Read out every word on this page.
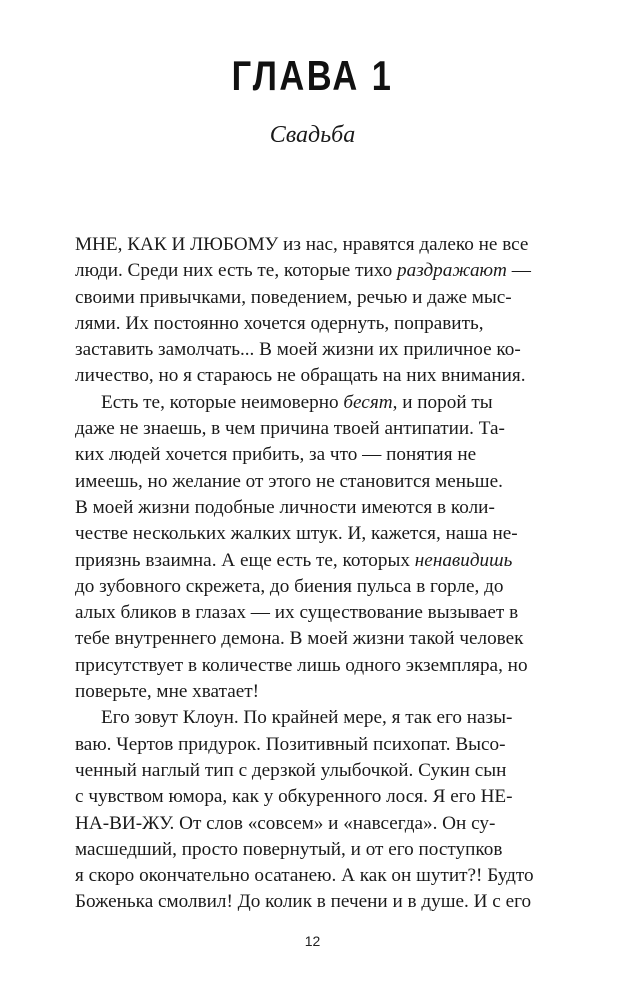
ГЛАВА 1
Свадьба
МНЕ, КАК И ЛЮБОМУ из нас, нравятся далеко не все
люди. Среди них есть те, которые тихо раздражают —
своими привычками, поведением, речью и даже мыс-
лями. Их постоянно хочется одернуть, поправить,
заставить замолчать... В моей жизни их приличное ко-
личество, но я стараюсь не обращать на них внимания.
Есть те, которые неимоверно бесят, и порой ты
даже не знаешь, в чем причина твоей антипатии. Та-
ких людей хочется прибить, за что — понятия не
имеешь, но желание от этого не становится меньше.
В моей жизни подобные личности имеются в коли-
честве нескольких жалких штук. И, кажется, наша не-
приязнь взаимна. А еще есть те, которых ненавидишь
до зубовного скрежета, до биения пульса в горле, до
алых бликов в глазах — их существование вызывает в
тебе внутреннего демона. В моей жизни такой человек
присутствует в количестве лишь одного экземпляра, но
поверьте, мне хватает!
Его зовут Клоун. По крайней мере, я так его назы-
ваю. Чертов придурок. Позитивный психопат. Высо-
ченный наглый тип с дерзкой улыбочкой. Сукин сын
с чувством юмора, как у обкуренного лося. Я его НЕ-
НА-ВИ-ЖУ. От слов «совсем» и «навсегда». Он су-
масшедший, просто повернутый, и от его поступков
я скоро окончательно осатанею. А как он шутит?! Будто
Боженька смолвил! До колик в печени и в душе. И с его
12
